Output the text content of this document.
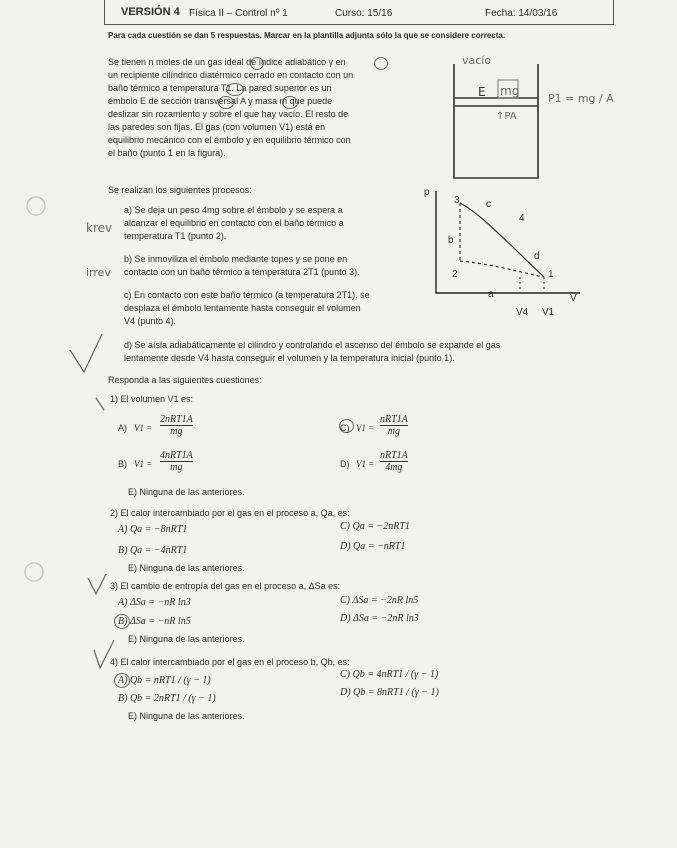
VERSIÓN 4 Física II – Control nº 1	Curso: 15/16	Fecha: 14/03/16
Para cada cuestión se dan 5 respuestas. Marcar en la plantilla adjunta sólo la que se considere correcta.
Se tienen n moles de un gas ideal de índice adiabático γ en
un recipiente cilíndrico diatérmico cerrado en contacto con un
baño térmico a temperatura T1. La pared superior es un
émbolo E de sección transversal A y masa m que puede
deslizar sin rozamiento y sobre el que hay vacío. El resto de
las paredes son fijas. El gas (con volumen V1) está en
equilibrio mecánico con el émbolo y en equilibrio térmico con
el baño (punto 1 en la figura).
vacío
E mg
↑PA
P1 = mg / A
Se realizan los siguientes procesos:
a) Se deja un peso 4mg sobre el émbolo y se espera a
alcanzar el equilibrio en contacto con el baño térmico a
temperatura T1 (punto 2).
b) Se inmoviliza el émbolo mediante topes y se pone en
contacto con un baño térmico a temperatura 2T1 (punto 3).
c) En contacto con este baño térmico (a temperatura 2T1), se
desplaza el émbolo lentamente hasta conseguir el volumen
V4 (punto 4).
d) Se aísla adiabáticamente el cilindro y controlando el ascenso del émbolo se expande el gas
lentamente desde V4 hasta conseguir el volumen y la temperatura inicial (punto 1).
krev
irrev
p
V
3
4
1
2
c
b
d
a
V4 V1
Responda a las siguientes cuestiones:
1) El volumen V1 es:
A) V1 =
2nRT1A
mg	C) V1 =
nRT1A
mg
B) V1 =
4nRT1A
mg	D) V1 =
nRT1A
4mg
E) Ninguna de las anteriores.
2) El calor intercambiado por el gas en el proceso a, Qa, es:
A) Qa = −8nRT1	C) Qa = −2nRT1
B) Qa = −4nRT1	D) Qa = −nRT1
E) Ninguna de las anteriores.
3) El cambio de entropía del gas en el proceso a, ΔSa es:
A) ΔSa = −nR ln3	C) ΔSa = −2nR ln5
B) ΔSa = −nR ln5	D) ΔSa = −2nR ln3
E) Ninguna de las anteriores.
4) El calor intercambiado por el gas en el proceso b, Qb, es:
A) Qb = nRT1 / (γ − 1)
C) Qb = 4nRT1 / (γ − 1)
B) Qb = 2nRT1 / (γ − 1)
D) Qb = 8nRT1 / (γ − 1)
E) Ninguna de las anteriores.
